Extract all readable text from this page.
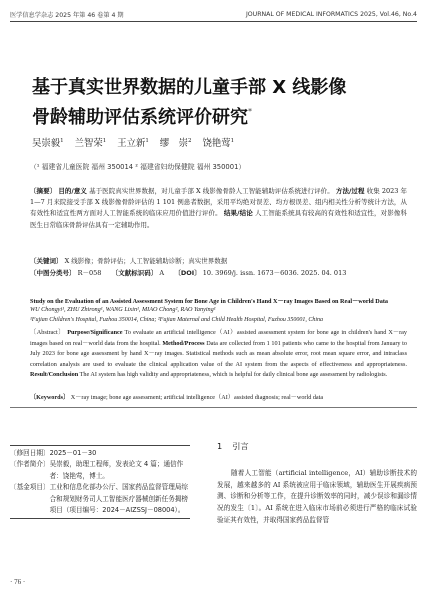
医学信息学杂志 2025 年第 46 卷第 4 期	JOURNAL OF MEDICAL INFORMATICS 2025, Vol.46, No.4
基于真实世界数据的儿童手部 X 线影像
骨龄辅助评估系统评价研究*
吴崇毅$^1$ 兰智荣$^1$ 王立新$^1$ 缪　崇$^2$ 饶艳莺$^1$
（¹ 福建省儿童医院 福州 350014 ² 福建省妇幼保健院 福州 350001）
〔摘要〕 目的/意义 基于医院真实世界数据，对儿童手部 X 线影像骨龄人工智能辅助评估系统进行评价。 方法/过程 收集 2023 年 1—7 月来院接受手部 X 线影像骨龄评估的 1 101 例患者数据，采用平均绝对误差、均方根误差、组内相关性分析等统计方法，从有效性和适宜性两方面对人工智能系统的临床应用价值进行评价。 结果/结论 人工智能系统具有较高的有效性和适宜性，对影像科医生日常临床骨龄评估具有一定辅助作用。
〔关键词〕 X 线影像；骨龄评估；人工智能辅助诊断；真实世界数据
〔中图分类号〕 R－058 〔文献标识码〕 A 〔DOI〕 10. 3969/j. issn. 1673－6036. 2025. 04. 013
Study on the Evaluation of an Assisted Assessment System for Bone Age in Children's Hand X－ray Images Based on Real－world Data
WU Chongyi¹, ZHU Zhirong¹, WANG Lixin¹, MIAO Chong², RAO Yanying¹
¹Fujian Children's Hospital, Fuzhou 350014, China; ²Fujian Maternal and Child Health Hospital, Fuzhou 350001, China
〔Abstract〕 Purpose/Significance To evaluate an artificial intelligence（AI）assisted assessment system for bone age in children's hand X－ray images based on real－world data from the hospital. Method/Process Data are collected from 1 101 patients who came to the hospital from January to July 2023 for bone age assessment by hand X－ray images. Statistical methods such as mean absolute error, root mean square error, and intraclass correlation analysis are used to evaluate the clinical application value of the AI system from the aspects of effectiveness and appropriateness. Result/Conclusion The AI system has high validity and appropriateness, which is helpful for daily clinical bone age assessment by radiologists.
〔Keywords〕 X－ray image; bone age assessment; artificial intelligence（AI）assisted diagnosis; real－world data
〔修回日期〕 2025－01－30
〔作者简介〕 吴崇毅，助理工程师，发表论文 4 篇；通信作者：饶艳莺，博士。
〔基金项目〕 工业和信息化部办公厅、国家药品监督管理局综合和规划财务司人工智能医疗器械创新任务揭榜项目（项目编号：2024－AIZSSJ－08004）。
1 引言
随着人工智能（artificial intelligence，AI）辅助诊断技术的发展，越来越多的 AI 系统被应用于临床领域，辅助医生开展疾病预测、诊断和分析等工作，在提升诊断效率的同时，减少误诊和漏诊情况的发生〔1〕。AI 系统在进入临床市场前必须进行严格的临床试验验证其有效性，并取得国家药品监督管
· 76 ·
